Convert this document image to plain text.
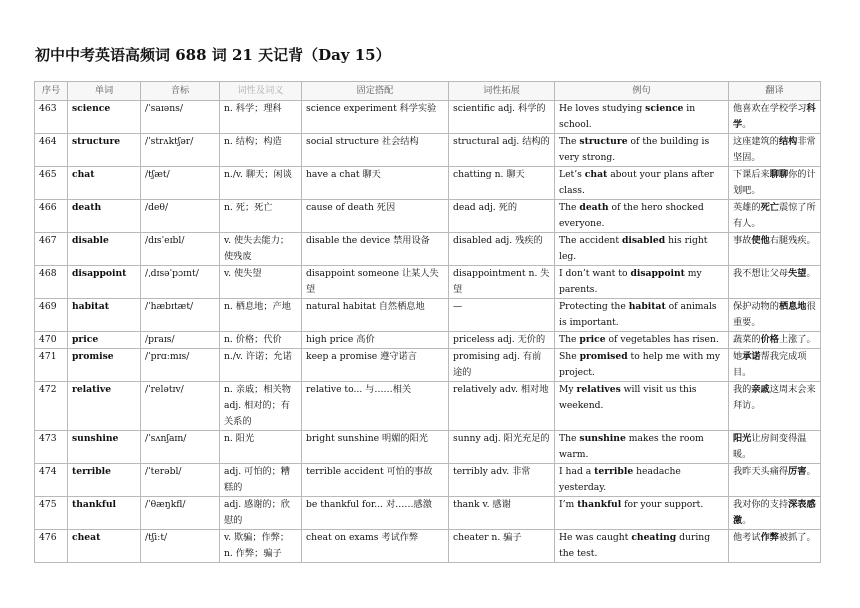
初中中考英语高频词 688 词 21 天记背（Day 15）
序号	单词	音标	词性及词义	固定搭配	词性拓展	例句	翻译
463	science	/ˈsaɪəns/	n. 科学；理科	science experiment 科学实验	scientific adj. 科学的	He loves studying science in school.	他喜欢在学校学习科学。
464	structure	/ˈstrʌktʃər/	n. 结构；构造	social structure 社会结构	structural adj. 结构的	The structure of the building is very strong.	这座建筑的结构非常坚固。
465	chat	/tʃæt/	n./v. 聊天；闲谈	have a chat 聊天	chatting n. 聊天	Let’s chat about your plans after class.	下课后来聊聊你的计划吧。
466	death	/deθ/	n. 死；死亡	cause of death 死因	dead adj. 死的	The death of the hero shocked everyone.	英雄的死亡震惊了所有人。
467	disable	/dɪsˈeɪbl/	v. 使失去能力；使残废	disable the device 禁用设备	disabled adj. 残疾的	The accident disabled his right leg.	事故使他右腿残疾。
468	disappoint	/ˌdɪsəˈpɔɪnt/	v. 使失望	disappoint someone 让某人失望	disappointment n. 失望	I don’t want to disappoint my parents.	我不想让父母失望。
469	habitat	/ˈhæbɪtæt/	n. 栖息地；产地	natural habitat 自然栖息地	—	Protecting the habitat of animals is important.	保护动物的栖息地很重要。
470	price	/praɪs/	n. 价格；代价	high price 高价	priceless adj. 无价的	The price of vegetables has risen.	蔬菜的价格上涨了。
471	promise	/ˈprɑːmɪs/	n./v. 许诺；允诺	keep a promise 遵守诺言	promising adj. 有前途的	She promised to help me with my project.	她承诺帮我完成项目。
472	relative	/ˈrelətɪv/	n. 亲戚；相关物 adj. 相对的；有关系的	relative to... 与……相关	relatively adv. 相对地	My relatives will visit us this weekend.	我的亲戚这周末会来拜访。
473	sunshine	/ˈsʌnʃaɪn/	n. 阳光	bright sunshine 明媚的阳光	sunny adj. 阳光充足的	The sunshine makes the room warm.	阳光让房间变得温暖。
474	terrible	/ˈterəbl/	adj. 可怕的；糟糕的	terrible accident 可怕的事故	terribly adv. 非常	I had a terrible headache yesterday.	我昨天头痛得厉害。
475	thankful	/ˈθæŋkfl/	adj. 感谢的；欣慰的	be thankful for... 对……感激	thank v. 感谢	I’m thankful for your support.	我对你的支持深表感激。
476	cheat	/tʃiːt/	v. 欺骗；作弊；n. 作弊；骗子	cheat on exams 考试作弊	cheater n. 骗子	He was caught cheating during the test.	他考试作弊被抓了。
